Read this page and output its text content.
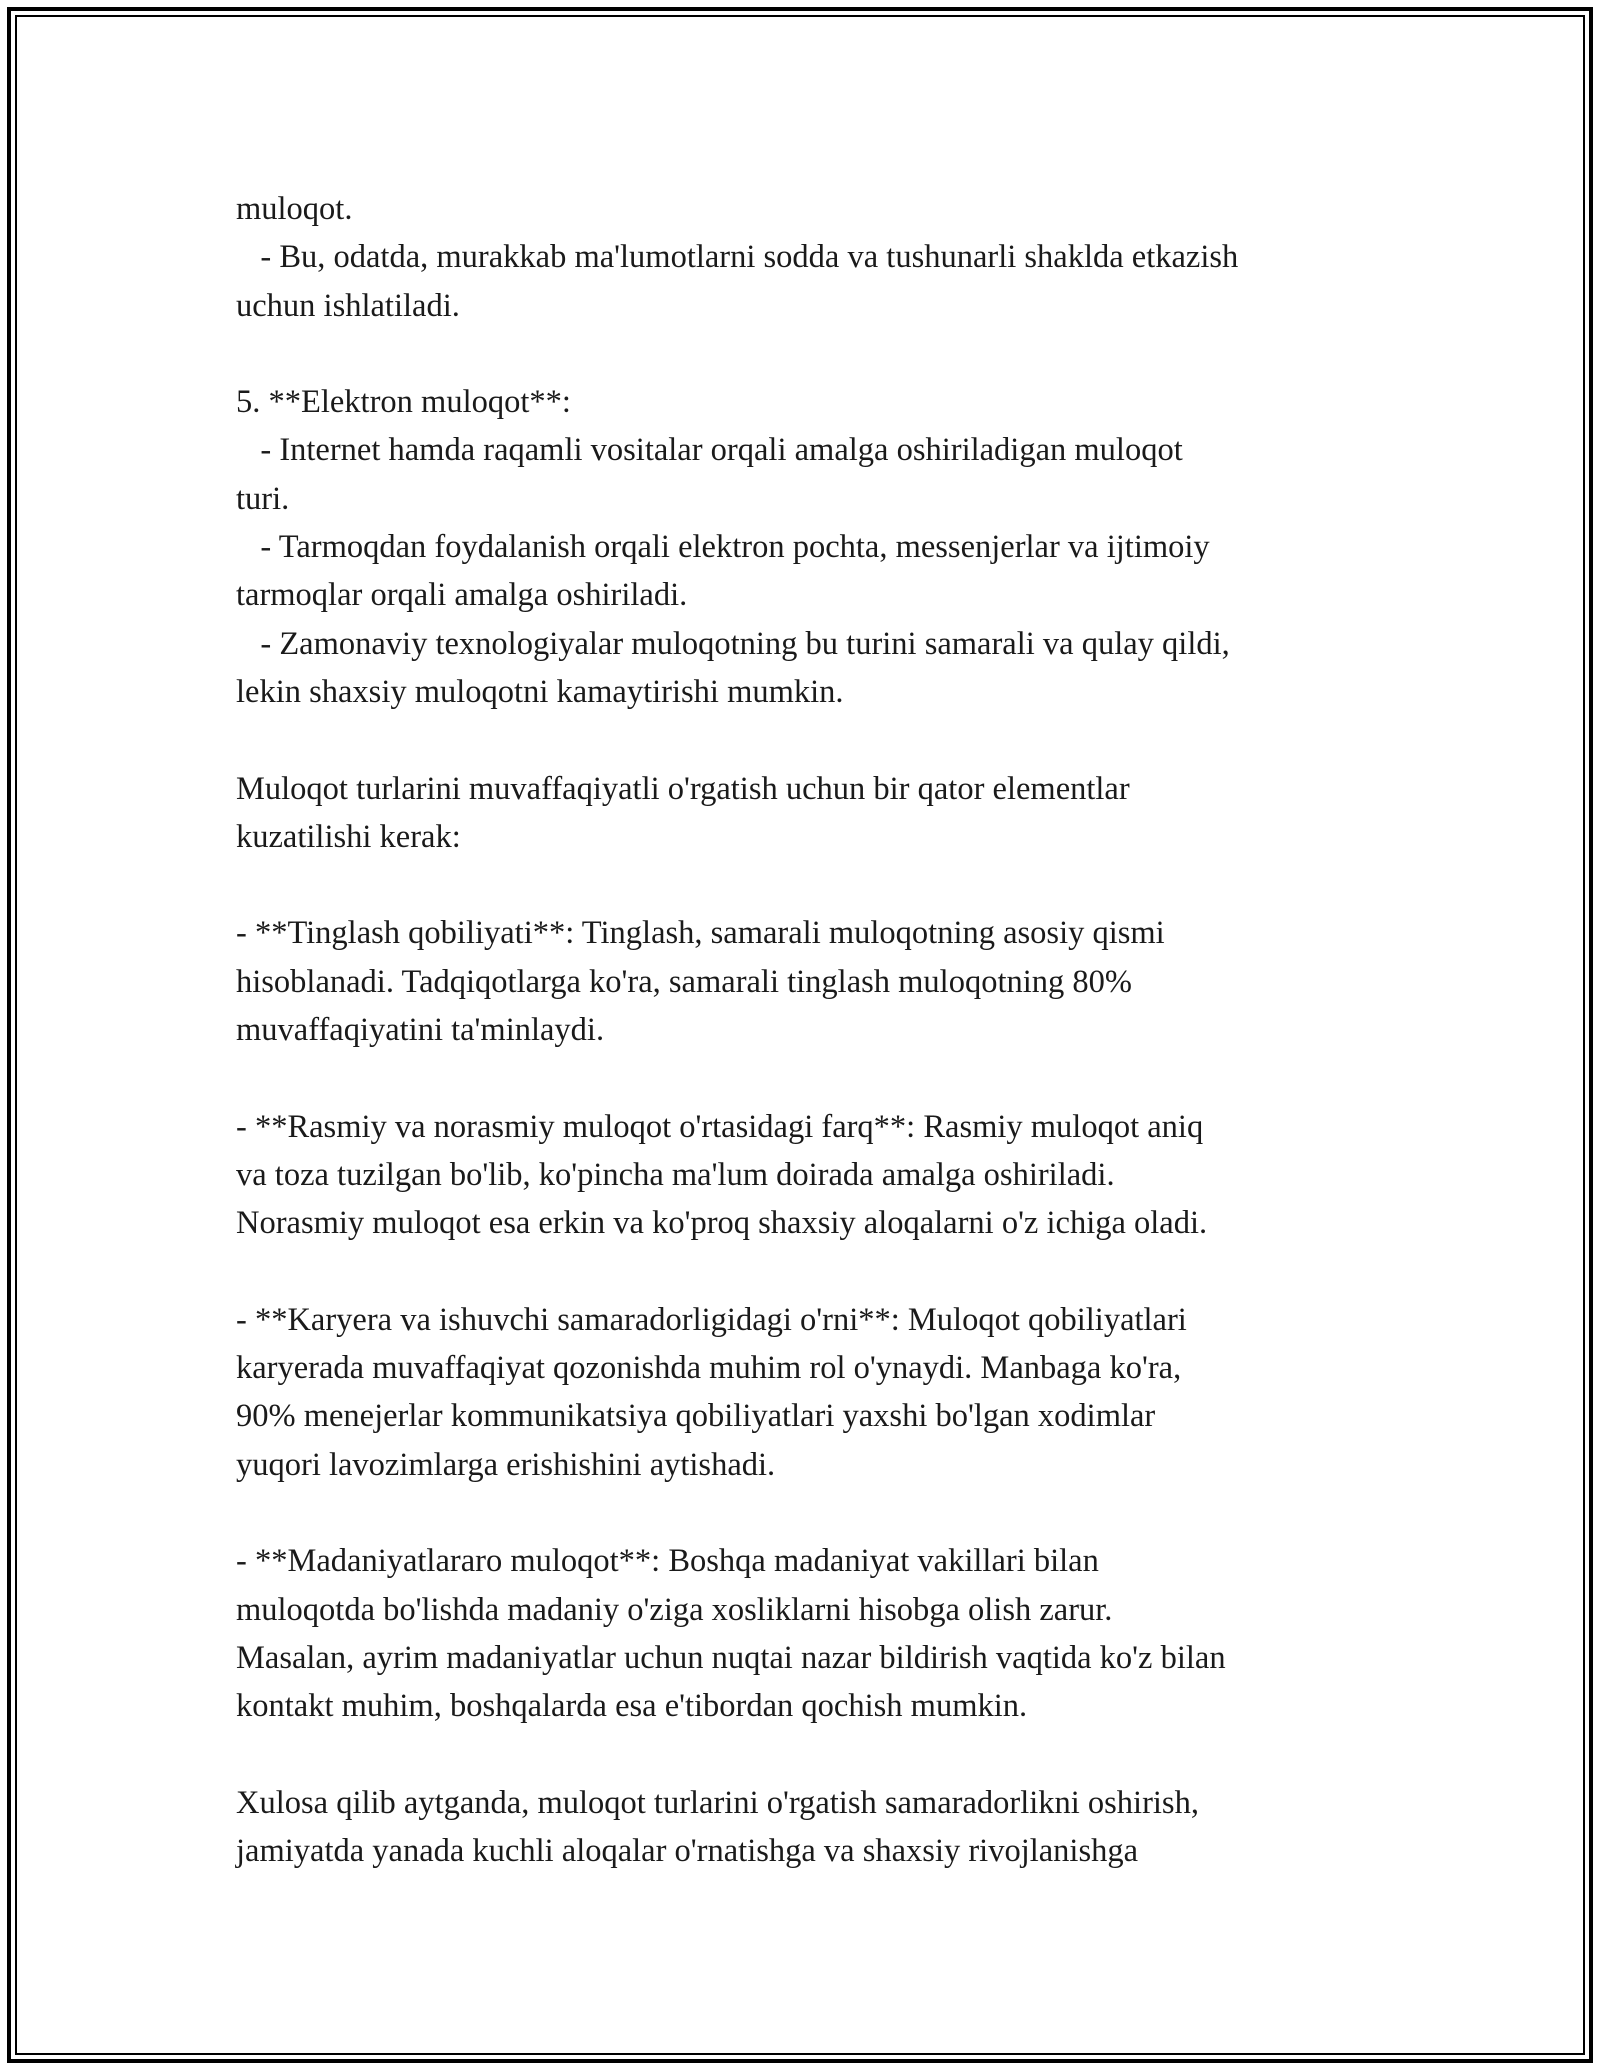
muloqot.
- Bu, odatda, murakkab ma'lumotlarni sodda va tushunarli shaklda etkazish
uchun ishlatiladi.
5. **Elektron muloqot**:
- Internet hamda raqamli vositalar orqali amalga oshiriladigan muloqot
turi.
- Tarmoqdan foydalanish orqali elektron pochta, messenjerlar va ijtimoiy
tarmoqlar orqali amalga oshiriladi.
- Zamonaviy texnologiyalar muloqotning bu turini samarali va qulay qildi,
lekin shaxsiy muloqotni kamaytirishi mumkin.
Muloqot turlarini muvaffaqiyatli o'rgatish uchun bir qator elementlar
kuzatilishi kerak:
- **Tinglash qobiliyati**: Tinglash, samarali muloqotning asosiy qismi
hisoblanadi. Tadqiqotlarga ko'ra, samarali tinglash muloqotning 80%
muvaffaqiyatini ta'minlaydi.
- **Rasmiy va norasmiy muloqot o'rtasidagi farq**: Rasmiy muloqot aniq
va toza tuzilgan bo'lib, ko'pincha ma'lum doirada amalga oshiriladi.
Norasmiy muloqot esa erkin va ko'proq shaxsiy aloqalarni o'z ichiga oladi.
- **Karyera va ishuvchi samaradorligidagi o'rni**: Muloqot qobiliyatlari
karyerada muvaffaqiyat qozonishda muhim rol o'ynaydi. Manbaga ko'ra,
90% menejerlar kommunikatsiya qobiliyatlari yaxshi bo'lgan xodimlar
yuqori lavozimlarga erishishini aytishadi.
- **Madaniyatlararo muloqot**: Boshqa madaniyat vakillari bilan
muloqotda bo'lishda madaniy o'ziga xosliklarni hisobga olish zarur.
Masalan, ayrim madaniyatlar uchun nuqtai nazar bildirish vaqtida ko'z bilan
kontakt muhim, boshqalarda esa e'tibordan qochish mumkin.
Xulosa qilib aytganda, muloqot turlarini o'rgatish samaradorlikni oshirish,
jamiyatda yanada kuchli aloqalar o'rnatishga va shaxsiy rivojlanishga
